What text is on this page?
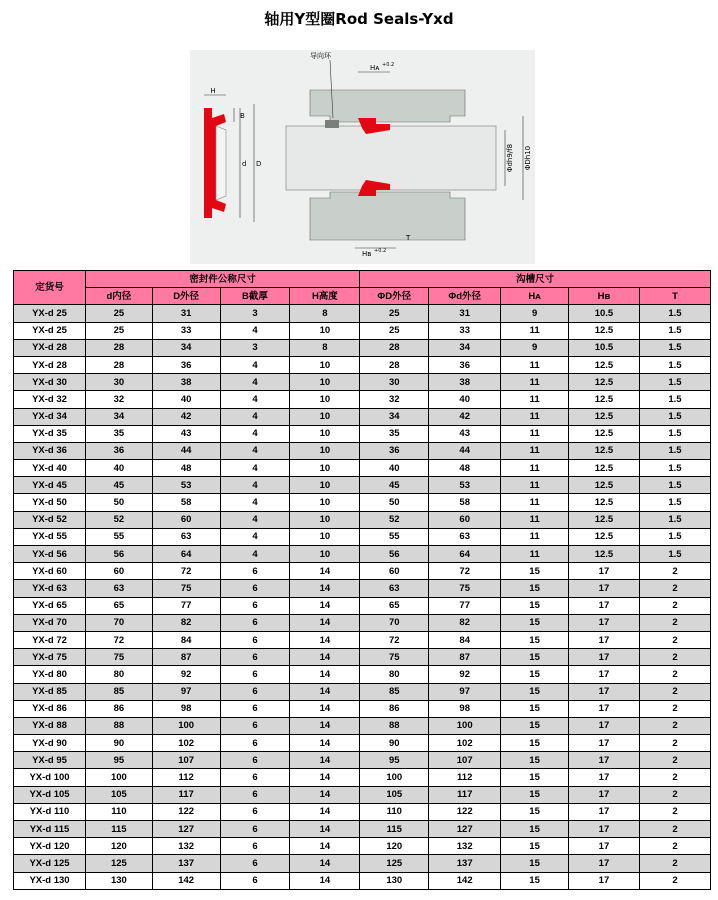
轴用Y型圈Rod Seals-Yxd
H
B
d D
导向环
Hᴀ +0.2
Hʙ +0.2
T
Φdh9/f8 ΦDh10
定货号	密封件公称尺寸				沟槽尺寸				
	d内径	D外径	B截厚	H高度	ΦD外径	Φd外径	Hᴀ	Hʙ	T
YX-d 25	25	31	3	8	25	31	9	10.5	1.5
YX-d 25	25	33	4	10	25	33	11	12.5	1.5
YX-d 28	28	34	3	8	28	34	9	10.5	1.5
YX-d 28	28	36	4	10	28	36	11	12.5	1.5
YX-d 30	30	38	4	10	30	38	11	12.5	1.5
YX-d 32	32	40	4	10	32	40	11	12.5	1.5
YX-d 34	34	42	4	10	34	42	11	12.5	1.5
YX-d 35	35	43	4	10	35	43	11	12.5	1.5
YX-d 36	36	44	4	10	36	44	11	12.5	1.5
YX-d 40	40	48	4	10	40	48	11	12.5	1.5
YX-d 45	45	53	4	10	45	53	11	12.5	1.5
YX-d 50	50	58	4	10	50	58	11	12.5	1.5
YX-d 52	52	60	4	10	52	60	11	12.5	1.5
YX-d 55	55	63	4	10	55	63	11	12.5	1.5
YX-d 56	56	64	4	10	56	64	11	12.5	1.5
YX-d 60	60	72	6	14	60	72	15	17	2
YX-d 63	63	75	6	14	63	75	15	17	2
YX-d 65	65	77	6	14	65	77	15	17	2
YX-d 70	70	82	6	14	70	82	15	17	2
YX-d 72	72	84	6	14	72	84	15	17	2
YX-d 75	75	87	6	14	75	87	15	17	2
YX-d 80	80	92	6	14	80	92	15	17	2
YX-d 85	85	97	6	14	85	97	15	17	2
YX-d 86	86	98	6	14	86	98	15	17	2
YX-d 88	88	100	6	14	88	100	15	17	2
YX-d 90	90	102	6	14	90	102	15	17	2
YX-d 95	95	107	6	14	95	107	15	17	2
YX-d 100	100	112	6	14	100	112	15	17	2
YX-d 105	105	117	6	14	105	117	15	17	2
YX-d 110	110	122	6	14	110	122	15	17	2
YX-d 115	115	127	6	14	115	127	15	17	2
YX-d 120	120	132	6	14	120	132	15	17	2
YX-d 125	125	137	6	14	125	137	15	17	2
YX-d 130	130	142	6	14	130	142	15	17	2
